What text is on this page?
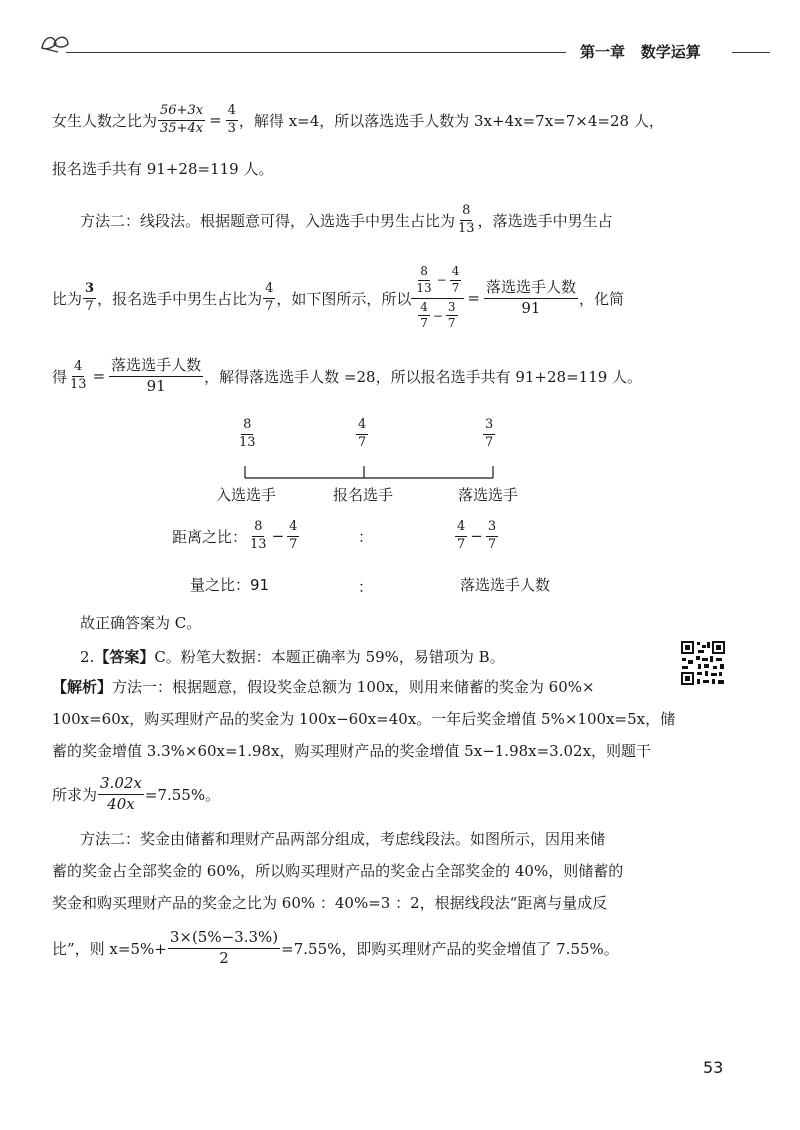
第一章 数学运算
女生人数之比为 $\frac{56+3x}{35+4x} = \frac{4}{3}$ ，解得 x=4，所以落选选手人数为 3x+4x=7x=7×4=28 人，
报名选手共有 91+28=119 人。
方法二：线段法。根据题意可得，入选选手中男生占比为 $\frac{8}{13}$ ，落选选手中男生占
比为 $\frac{3}{7}$ ，报名选手中男生占比为 $\frac{4}{7}$ ，如下图所示，所以 $\frac{\frac{8}{13} - \frac{4}{7}}{\frac{4}{7} - \frac{3}{7}} = \frac{\text{落选选手人数}}{91}$ ，化简
得 $\frac{4}{13} = \frac{\text{落选选手人数}}{91}$ ，解得落选选手人数 =28，所以报名选手共有 91+28=119 人。
$\frac{8}{13}$	$\frac{4}{7}$	$\frac{3}{7}$
入选选手	报名选手	落选选手
距离之比： $\frac{8}{13} - \frac{4}{7}$	：	$\frac{4}{7} - \frac{3}{7}$
量之比：91	：	落选选手人数
故正确答案为 C。
2.【答案】C。粉笔大数据：本题正确率为 59%，易错项为 B。
【解析】方法一：根据题意，假设奖金总额为 100x，则用来储蓄的奖金为 60%×
100x=60x，购买理财产品的奖金为 100x−60x=40x。一年后奖金增值 5%×100x=5x，储
蓄的奖金增值 3.3%×60x=1.98x，购买理财产品的奖金增值 5x−1.98x=3.02x，则题干
所求为 $\frac{3.02x}{40x} =7.55\%$。
方法二：奖金由储蓄和理财产品两部分组成，考虑线段法。如图所示，因用来储
蓄的奖金占全部奖金的 60%，所以购买理财产品的奖金占全部奖金的 40%，则储蓄的
奖金和购买理财产品的奖金之比为 60% ：40%=3 ：2，根据线段法“距离与量成反
比”，则 $x=5\%+ \frac{3\times(5\%-3.3\%)}{2} =7.55\%$，即购买理财产品的奖金增值了 7.55%。
53
